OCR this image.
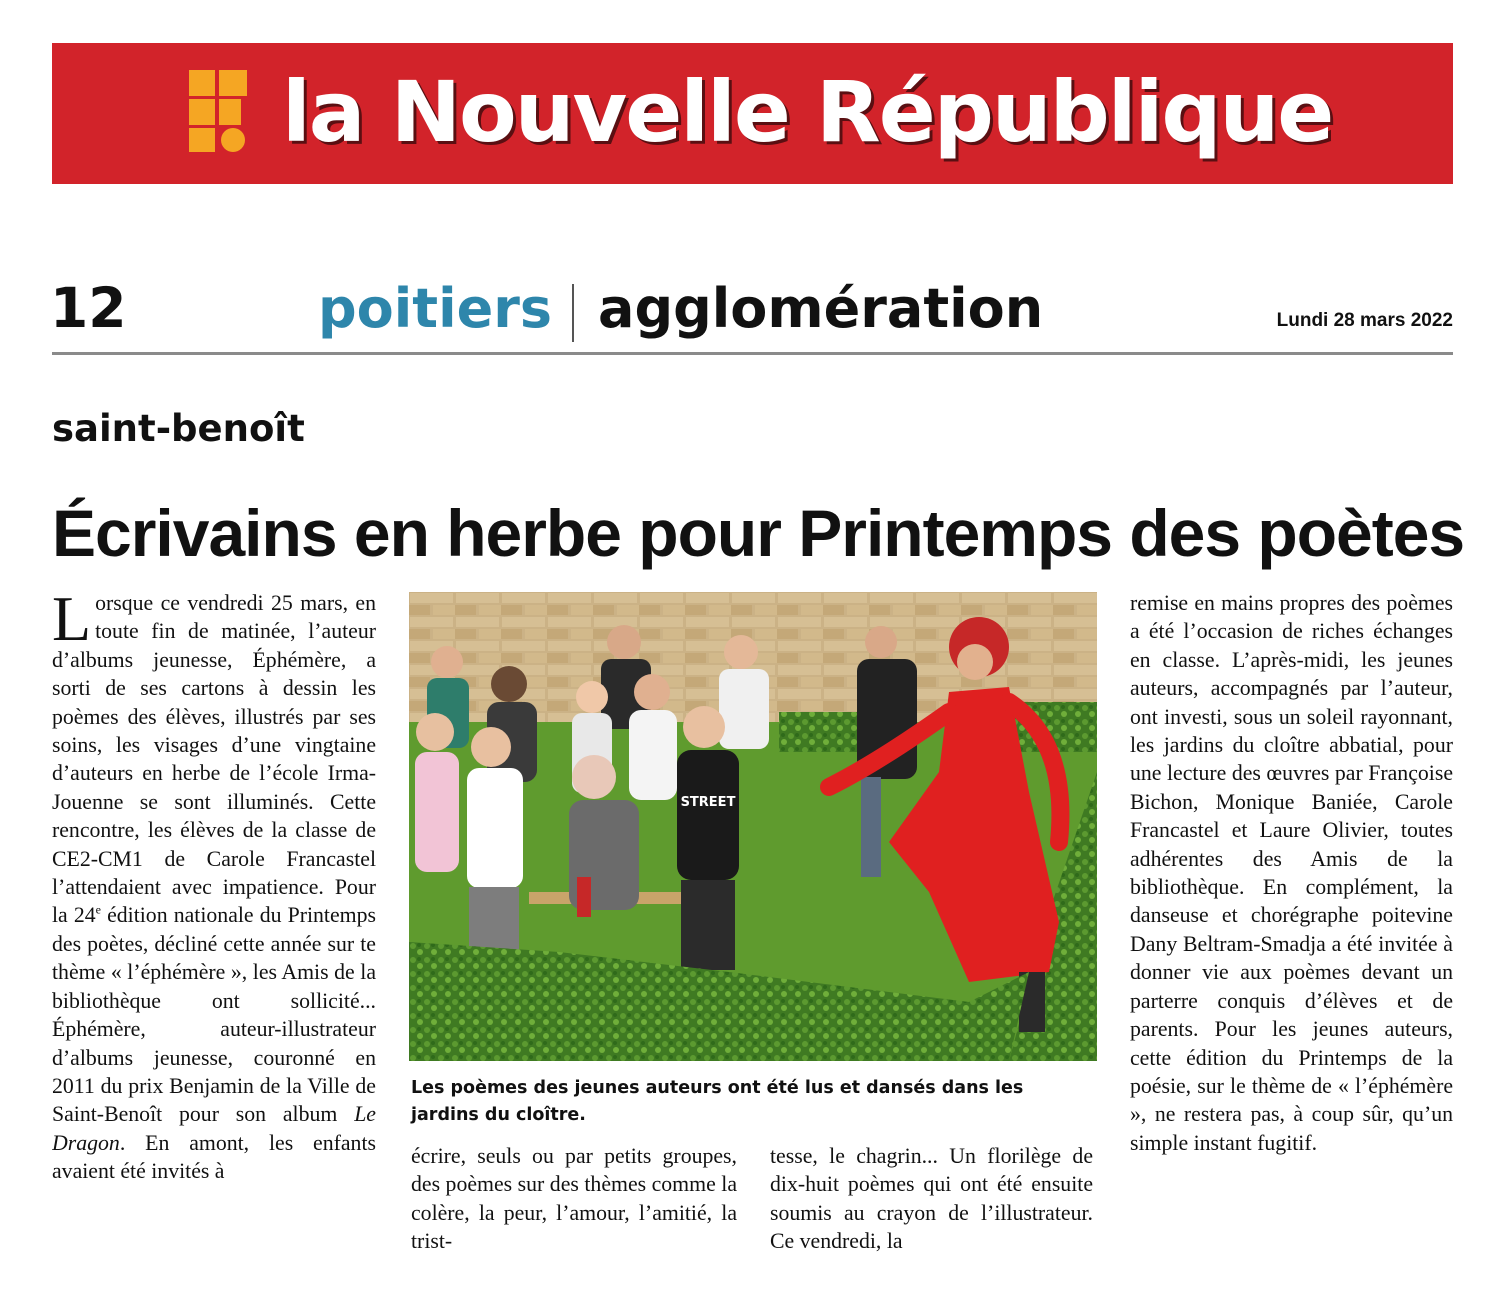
la Nouvelle République
12	poitiers agglomération	Lundi 28 mars 2022
saint-benoît
Écrivains en herbe pour Printemps des poètes
Lorsque ce vendredi 25 mars, en toute fin de matinée, l’auteur d’albums jeunesse, Éphémère, a sorti de ses cartons à dessin les poèmes des élèves, illustrés par ses soins, les visages d’une vingtaine d’auteurs en herbe de l’école Irma-Jouenne se sont illuminés. Cette rencontre, les élèves de la classe de CE2-CM1 de Carole Francastel l’attendaient avec impatience. Pour la 24e édition nationale du Printemps des poètes, décliné cette année sur te thème « l’éphémère », les Amis de la bibliothèque ont sollicité... Éphémère, auteur-illustrateur d’albums jeunesse, couronné en 2011 du prix Benjamin de la Ville de Saint-Benoît pour son album Le Dragon. En amont, les enfants avaient été invités à
STREET
Les poèmes des jeunes auteurs ont été lus et dansés dans les jardins du cloître.
écrire, seuls ou par petits groupes, des poèmes sur des thèmes comme la colère, la peur, l’amour, l’amitié, la trist-
tesse, le chagrin... Un florilège de dix-huit poèmes qui ont été ensuite soumis au crayon de l’illustrateur. Ce vendredi, la
remise en mains propres des poèmes a été l’occasion de riches échanges en classe. L’après-midi, les jeunes auteurs, accompagnés par l’auteur, ont investi, sous un soleil rayonnant, les jardins du cloître abbatial, pour une lecture des œuvres par Françoise Bichon, Monique Baniée, Carole Francastel et Laure Olivier, toutes adhérentes des Amis de la bibliothèque. En complément, la danseuse et chorégraphe poitevine Dany Beltram-Smadja a été invitée à donner vie aux poèmes devant un parterre conquis d’élèves et de parents. Pour les jeunes auteurs, cette édition du Printemps de la poésie, sur le thème de « l’éphémère », ne restera pas, à coup sûr, qu’un simple instant fugitif.
